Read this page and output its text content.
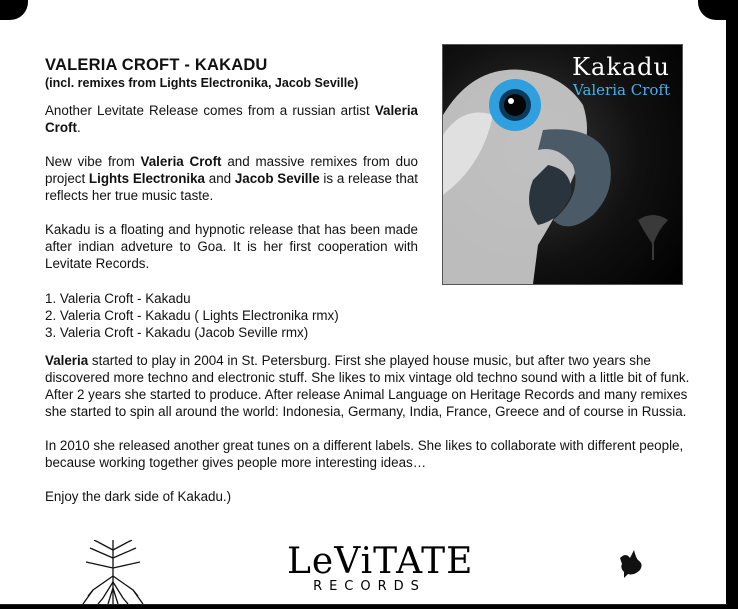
VALERIA CROFT - KAKADU
(incl. remixes from Lights Electronika, Jacob Seville)

Another Levitate Release comes from a russian artist Valeria Croft.

New vibe from Valeria Croft and massive remixes from duo project Lights Electronika and Jacob Seville is a release that reflects her true music taste.

Kakadu is a floating and hypnotic release that has been made after indian adveture to Goa. It is her first cooperation with Levitate Records.

1. Valeria Croft - Kakadu
2. Valeria Croft - Kakadu ( Lights Electronika rmx)
3. Valeria Croft - Kakadu (Jacob Seville rmx)

Valeria started to play in 2004 in St. Petersburg. First she played house music, but after two years she discovered more techno and electronic stuff. She likes to mix vintage old techno sound with a little bit of funk. After 2 years she started to produce. After release Animal Language on Heritage Records and many remixes she started to spin all around the world: Indonesia, Germany, India, France, Greece and of course in Russia.

In 2010 she released another great tunes on a different labels. She likes to collaborate with different people, because working together gives people more interesting ideas…

Enjoy the dark side of Kakadu.)

Kakadu
Valeria Croft
LeViTATE
RECORDS
